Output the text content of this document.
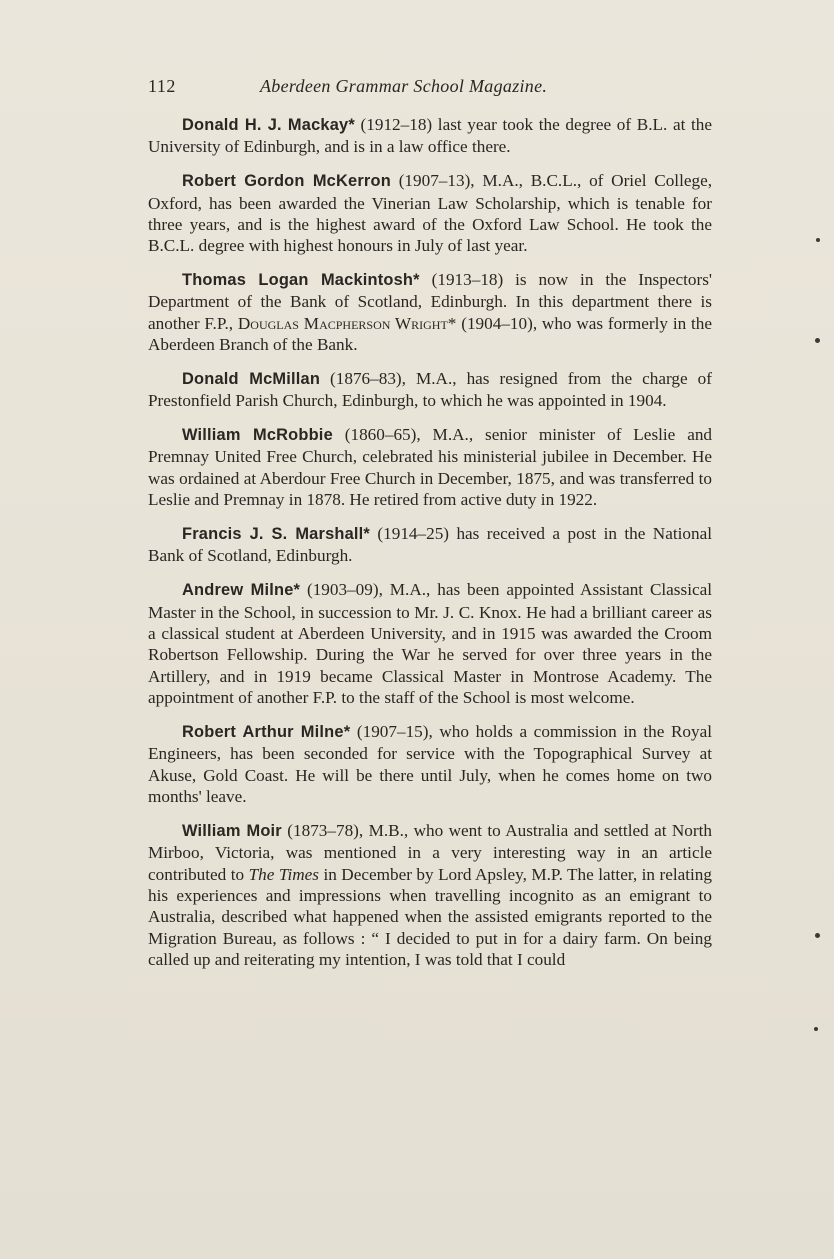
112	Aberdeen Grammar School Magazine.

Donald H. J. Mackay* (1912–18) last year took the degree of B.L. at the University of Edinburgh, and is in a law office there.

Robert Gordon McKerron (1907–13), M.A., B.C.L., of Oriel College, Oxford, has been awarded the Vinerian Law Scholarship, which is tenable for three years, and is the highest award of the Oxford Law School. He took the B.C.L. degree with highest honours in July of last year.

Thomas Logan Mackintosh* (1913–18) is now in the Inspectors' Department of the Bank of Scotland, Edinburgh. In this department there is another F.P., Douglas Macpherson Wright* (1904–10), who was formerly in the Aberdeen Branch of the Bank.

Donald McMillan (1876–83), M.A., has resigned from the charge of Prestonfield Parish Church, Edinburgh, to which he was appointed in 1904.

William McRobbie (1860–65), M.A., senior minister of Leslie and Premnay United Free Church, celebrated his ministerial jubilee in December. He was ordained at Aberdour Free Church in December, 1875, and was transferred to Leslie and Premnay in 1878. He retired from active duty in 1922.

Francis J. S. Marshall* (1914–25) has received a post in the National Bank of Scotland, Edinburgh.

Andrew Milne* (1903–09), M.A., has been appointed Assistant Classical Master in the School, in succession to Mr. J. C. Knox. He had a brilliant career as a classical student at Aberdeen University, and in 1915 was awarded the Croom Robertson Fellowship. During the War he served for over three years in the Artillery, and in 1919 became Classical Master in Montrose Academy. The appointment of another F.P. to the staff of the School is most welcome.

Robert Arthur Milne* (1907–15), who holds a commission in the Royal Engineers, has been seconded for service with the Topographical Survey at Akuse, Gold Coast. He will be there until July, when he comes home on two months' leave.

William Moir (1873–78), M.B., who went to Australia and settled at North Mirboo, Victoria, was mentioned in a very interesting way in an article contributed to The Times in December by Lord Apsley, M.P. The latter, in relating his experiences and impressions when travelling incognito as an emigrant to Australia, described what happened when the assisted emigrants reported to the Migration Bureau, as follows : “ I decided to put in for a dairy farm. On being called up and reiterating my intention, I was told that I could
